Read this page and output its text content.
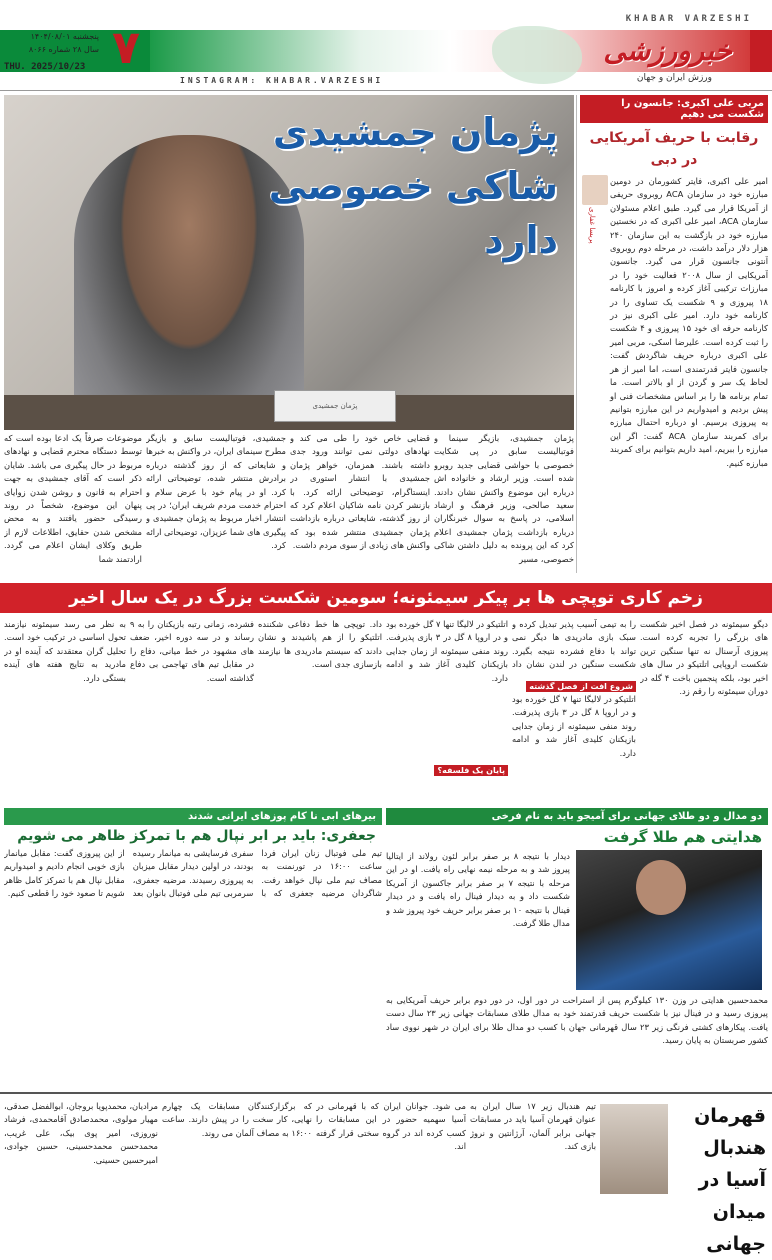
KHABAR VARZESHI
خبرورزشی
ورزش ایران و جهان
INSTAGRAM: KHABAR.VARZESHI
۷
پنجشنبه ۱۴۰۴/۰۸/۰۱
سال ۲۸ شماره ۸۰۶۶
THU. 2025/10/23
پژمان جمشیدی
پژمان جمشیدی شاکی خصوصی دارد
مربی علی اکبری: جانسون را شکست می دهیم
رقابت با حریف آمریکایی در دبی
پریسا غفاری
امیر علی اکبری، فایتر کشورمان در دومین مبارزه خود در سازمان ACA روبروی حریفی از آمریکا قرار می گیرد. طبق اعلام مسئولان سازمان ACA، امیر علی اکبری که در نخستین مبارزه خود در بازگشت به این سازمان ۲۴۰ هزار دلار درآمد داشت، در مرحله دوم روبروی آنتونی جانسون قرار می گیرد. جانسون آمریکایی از سال ۲۰۰۸ فعالیت خود را در مبارزات ترکیبی آغاز کرده و امروز با کارنامه ۱۸ پیروزی و ۹ شکست یک تساوی را در کارنامه خود دارد. امیر علی اکبری نیز در کارنامه حرفه ای خود ۱۵ پیروزی و ۴ شکست را ثبت کرده است. علیرضا اسکی، مربی امیر علی اکبری درباره حریف شاگردش گفت: جانسون فایتر قدرتمندی است، اما امیر از هر لحاظ یک سر و گردن از او بالاتر است. ما تمام برنامه ها را بر اساس مشخصات فنی او پیش بردیم و امیدواریم در این مبارزه بتوانیم به پیروزی برسیم. او درباره احتمال مبارزه برای کمربند سازمان ACA گفت: اگر این مبارزه را ببریم، امید داریم بتوانیم برای کمربند مبارزه کنیم.
پژمان جمشیدی، بازیگر سینما و فوتبالیست سابق در پی شکایت خصوصی با حواشی قضایی جدید روبرو شده است. وزیر ارشاد و خانواده اش درباره این موضوع واکنش نشان دادند. سعید صالحی، وزیر فرهنگ و ارشاد اسلامی، در پاسخ به سوال خبرنگاران درباره بازداشت پژمان جمشیدی اعلام کرد که این پرونده به دلیل داشتن شاکی خصوصی، مسیر
قضایی خاص خود را طی می کند و نهادهای دولتی نمی توانند ورود جدی داشته باشند. همزمان، خواهر پژمان جمشیدی با انتشار استوری در اینستاگرام، توضیحاتی ارائه کرد. با بازنشر کردن نامه شاکیان اعلام کرد که از روز گذشته، شایعاتی درباره بازداشت پژمان جمشیدی منتشر شده بود که واکنش های زیادی از سوی مردم داشت.
جمشیدی، فوتبالیست سابق و بازیگر مطرح سینمای ایران، در واکنش به خبرها و شایعاتی که از روز گذشته درباره برادرش منتشر شده، توضیحاتی ارائه کرد. او در پیام خود با عرض سلام و احترام خدمت مردم شریف ایران؛ در پی انتشار اخبار مربوط به پژمان جمشیدی و پیگیری های شما عزیزان، توضیحاتی ارائه کرد.
موضوعات صرفاً یک ادعا بوده است که توسط دستگاه محترم قضایی و نهادهای مربوط در حال پیگیری می باشد. شایان ذکر است که آقای جمشیدی به جهت احترام به قانون و روشن شدن زوایای پنهان این موضوع، شخصاً در روند رسیدگی حضور یافتند و به محض مشخص شدن حقایق، اطلاعات لازم از طریق وکلای ایشان اعلام می گردد. ارادتمند شما
زخم کاری توپچی ها بر پیکر سیمئونه؛ سومین شکست بزرگ در یک سال اخیر
دیگو سیمئونه در فصل اخیر شکست های بزرگی را تجربه کرده است. پیروزی آرسنال نه تنها سنگین ترین شکست اروپایی اتلتیکو در سال های اخیر بود، بلکه پنجمین باخت ۴ گله در دوران سیمئونه را رقم زد.
را به تیمی آسیب پذیر تبدیل کرده و سبک بازی مادریدی ها دیگر نمی تواند با دفاع فشرده نتیجه بگیرد. شکست سنگین در لندن نشان داد
شروع افت از فصل گذشته
اتلتیکو در لالیگا تنها ۷ گل خورده بود و در اروپا ۸ گل در ۳ بازی پذیرفت. روند منفی سیمئونه از زمان جدایی بازیکنان کلیدی آغاز شد و ادامه دارد.
اتلتیکو در لالیگا تنها ۷ گل خورده بود و در اروپا ۸ گل در ۳ بازی پذیرفت. روند منفی سیمئونه از زمان جدایی بازیکنان کلیدی آغاز شد و ادامه دارد.
پایان یک فلسفه؟
داد. توپچی ها خط دفاعی شکننده اتلتیکو را از هم پاشیدند و نشان دادند که سیستم مادریدی ها نیازمند بازسازی جدی است.
فشرده، زمانی رتبه بازیکنان را به ۹ رساند و در سه دوره اخیر، ضعف های مشهود در خط میانی، دفاع را در مقابل تیم های تهاجمی بی دفاع گذاشته است.
به نظر می رسد سیمئونه نیازمند تحول اساسی در ترکیب خود است. تحلیل گران معتقدند که آینده او در مادرید به نتایج هفته های آینده بستگی دارد.
دو مدال و دو طلای جهانی برای آمیجو باید به نام فرخی
هدایتی هم طلا گرفت
دیدار با نتیجه ۸ بر صفر برابر لئون رولاند از ایتالیا پیروز شد و به مرحله نیمه نهایی راه یافت. او در این مرحله با نتیجه ۷ بر صفر برابر جاکسون از آمریکا شکست داد و به دیدار فینال راه یافت و در دیدار فینال با نتیجه ۱۰ بر صفر برابر حریف خود پیروز شد و مدال طلا گرفت.
محمدحسین هدایتی در وزن ۱۳۰ کیلوگرم پس از استراحت در دور اول، در دور دوم برابر حریف آمریکایی به پیروزی رسید و در فینال نیز با شکست حریف قدرتمند خود به مدال طلای مسابقات جهانی زیر ۲۳ سال دست یافت. پیکارهای کشتی فرنگی زیر ۲۳ سال قهرمانی جهان با کسب دو مدال طلا برای ایران در شهر نووی ساد کشور صربستان به پایان رسید.
بیرهای ابی نا کام پوزهای ایرانی شدند
جعفری: باید بر ابر نپال هم با تمرکز ظاهر می شویم
تیم ملی فوتبال زنان ایران فردا ساعت ۱۶:۰۰ در تورنمنت به مصاف تیم ملی نپال خواهد رفت. شاگردان مرضیه جعفری که با سفری فرسایشی به میانمار رسیده بودند، در اولین دیدار مقابل میزبان به پیروزی رسیدند. مرضیه جعفری، سرمربی تیم ملی فوتبال بانوان بعد از این پیروزی گفت: مقابل میانمار بازی خوبی انجام دادیم و امیدواریم مقابل نپال هم با تمرکز کامل ظاهر شویم تا صعود خود را قطعی کنیم.
قهرمان هندبال آسیا در میدان جهانی
تیم هندبال زیر ۱۷ سال ایران به عنوان قهرمان آسیا باید در مسابقات جهانی برابر آلمان، آرژانتین و نروژ بازی کند.
می شود. جوانان ایران که با قهرمانی در آسیا سهمیه حضور در این مسابقات را کسب کرده اند در گروه سختی قرار گرفته اند.
که برگزارکنندگان مسابقات یک چهارم نهایی، کار سخت را در پیش دارند. ساعت ۱۶:۰۰ به مصاف آلمان می روند.
مرادیان، محمدپویا بروجان، ابوالفضل صدقی، مهیار مولوی، محمدصادق آقامحمدی، فرشاد نوروزی، امیر پوی بیک، علی غریب، محمدحسن محمدحسینی، حسین جوادی، امیرحسین حسینی.
